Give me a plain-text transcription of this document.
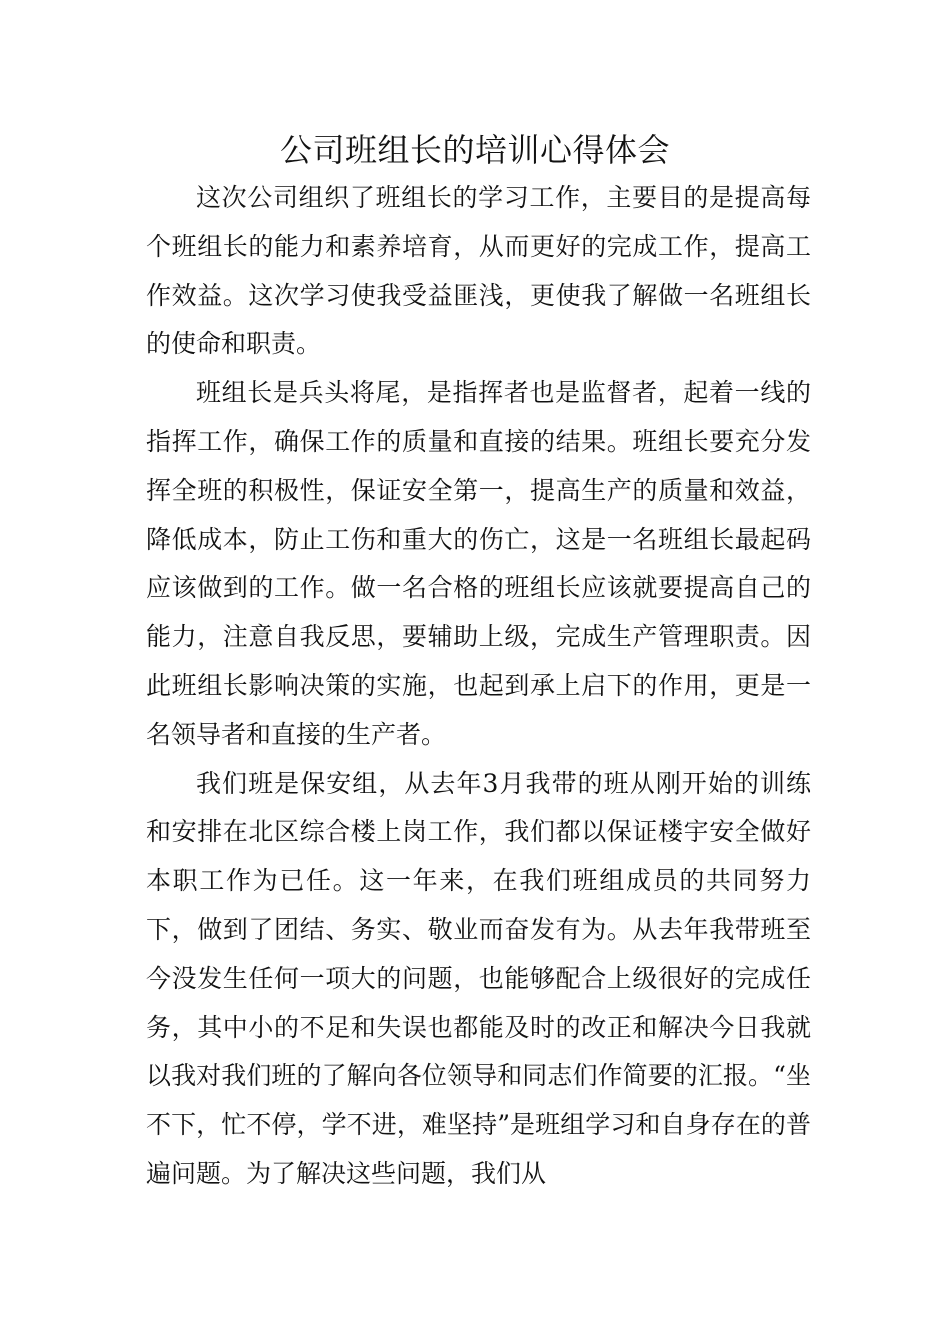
公司班组长的培训心得体会

这次公司组织了班组长的学习工作，主要目的是提高每个班组长的能力和素养培育，从而更好的完成工作，提高工作效益。这次学习使我受益匪浅，更使我了解做一名班组长的使命和职责。

班组长是兵头将尾，是指挥者也是监督者，起着一线的指挥工作，确保工作的质量和直接的结果。班组长要充分发挥全班的积极性，保证安全第一，提高生产的质量和效益，降低成本，防止工伤和重大的伤亡，这是一名班组长最起码应该做到的工作。做一名合格的班组长应该就要提高自己的能力，注意自我反思，要辅助上级，完成生产管理职责。因此班组长影响决策的实施，也起到承上启下的作用，更是一名领导者和直接的生产者。

我们班是保安组，从去年3月我带的班从刚开始的训练和安排在北区综合楼上岗工作，我们都以保证楼宇安全做好本职工作为已任。这一年来，在我们班组成员的共同努力下，做到了团结、务实、敬业而奋发有为。从去年我带班至今没发生任何一项大的问题，也能够配合上级很好的完成任务，其中小的不足和失误也都能及时的改正和解决今日我就以我对我们班的了解向各位领导和同志们作简要的汇报。“坐不下，忙不停，学不进，难坚持”是班组学习和自身存在的普遍问题。为了解决这些问题，我们从
